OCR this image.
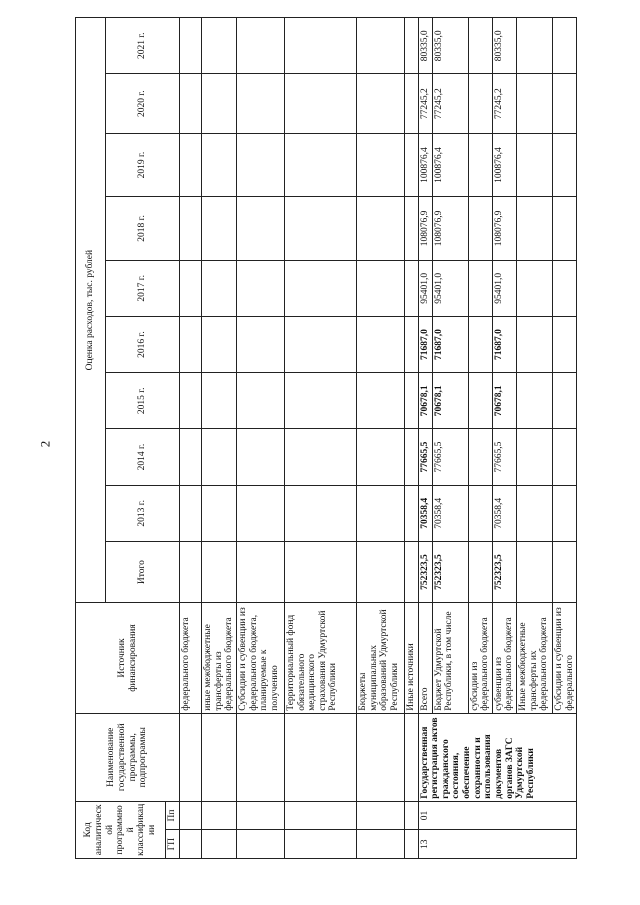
2
Код аналитической программной классификации		Наименование государственной программы, подпрограммы	Источник финансирования	Оценка расходов, тыс. рублей									
				Итого	2013 г.	2014 г.	2015 г.	2016 г.	2017 г.	2018 г.	2019 г.	2020 г.	2021 г.
ГП	Пп												
			федерального бюджета										
			иные межбюджетные трансферты из федерального бюджета										
			Субсидии и субвенции из федерального бюджета, планируемые к получению										
			Территориальный фонд обязательного медицинского страхования Удмуртской Республики										
			Бюджеты муниципальных образований Удмуртской Республики										
			Иные источники										
13	01	Государственная регистрация актов гражданского состояния, обеспечение сохранности и использования документов органов ЗАГС Удмуртской Республики	Всего	752323,5	70358,4	77665,5	70678,1	71687,0	95401,0	108076,9	100876,4	77245,2	80335,0
			Бюджет Удмуртской Республики, в том числе	752323,5	70358,4	77665,5	70678,1	71687,0	95401,0	108076,9	100876,4	77245,2	80335,0
			субсидии из федерального бюджета										
			субвенции из федерального бюджета	752323,5	70358,4	77665,5	70678,1	71687,0	95401,0	108076,9	100876,4	77245,2	80335,0
			Иные межбюджетные трансферты их федерального бюджета										
			Субсидии и субвенции из федерального										
